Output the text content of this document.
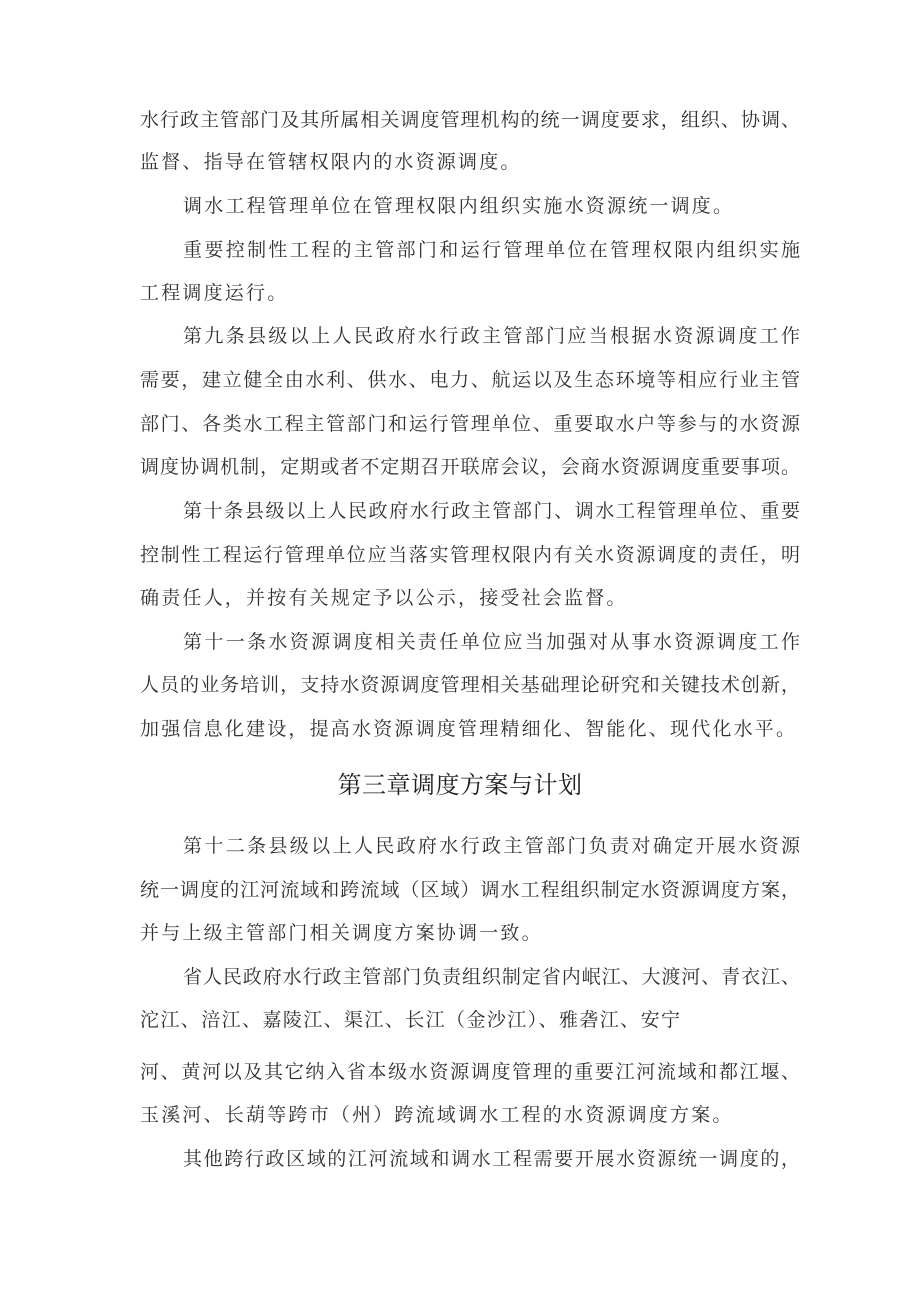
水行政主管部门及其所属相关调度管理机构的统一调度要求，组织、协调、
监督、指导在管辖权限内的水资源调度。
调水工程管理单位在管理权限内组织实施水资源统一调度。
重要控制性工程的主管部门和运行管理单位在管理权限内组织实施
工程调度运行。
第九条县级以上人民政府水行政主管部门应当根据水资源调度工作
需要，建立健全由水利、供水、电力、航运以及生态环境等相应行业主管
部门、各类水工程主管部门和运行管理单位、重要取水户等参与的水资源
调度协调机制，定期或者不定期召开联席会议，会商水资源调度重要事项。
第十条县级以上人民政府水行政主管部门、调水工程管理单位、重要
控制性工程运行管理单位应当落实管理权限内有关水资源调度的责任，明
确责任人，并按有关规定予以公示，接受社会监督。
第十一条水资源调度相关责任单位应当加强对从事水资源调度工作
人员的业务培训，支持水资源调度管理相关基础理论研究和关键技术创新，
加强信息化建设，提高水资源调度管理精细化、智能化、现代化水平。
第三章调度方案与计划
第十二条县级以上人民政府水行政主管部门负责对确定开展水资源
统一调度的江河流域和跨流域（区域）调水工程组织制定水资源调度方案，
并与上级主管部门相关调度方案协调一致。
省人民政府水行政主管部门负责组织制定省内岷江、大渡河、青衣江、
沱江、涪江、嘉陵江、渠江、长江（金沙江）、雅砻江、安宁
河、黄河以及其它纳入省本级水资源调度管理的重要江河流域和都江堰、
玉溪河、长葫等跨市（州）跨流域调水工程的水资源调度方案。
其他跨行政区域的江河流域和调水工程需要开展水资源统一调度的，
